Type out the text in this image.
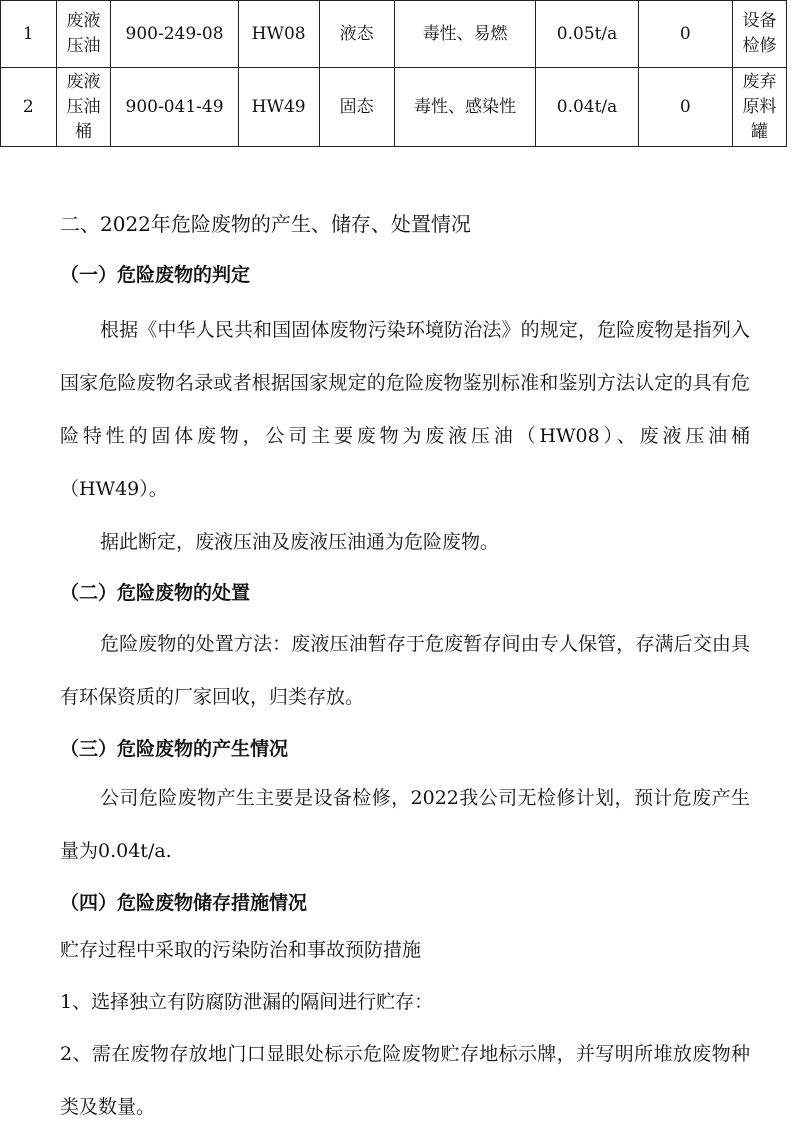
1	废液压油	900-249-08	HW08	液态	毒性、易燃	0.05t/a	0	设备检修
2	废液压油桶	900-041-49	HW49	固态	毒性、感染性	0.04t/a	0	废弃原料罐
二、2022年危险废物的产生、储存、处置情况
（一）危险废物的判定
根据《中华人民共和国固体废物污染环境防治法》的规定，危险废物是指列入国家危险废物名录或者根据国家规定的危险废物鉴别标准和鉴别方法认定的具有危险特性的固体废物，公司主要废物为废液压油（HW08）、废液压油桶（HW49）。
据此断定，废液压油及废液压油通为危险废物。
（二）危险废物的处置
危险废物的处置方法：废液压油暂存于危废暂存间由专人保管，存满后交由具有环保资质的厂家回收，归类存放。
（三）危险废物的产生情况
公司危险废物产生主要是设备检修，2022我公司无检修计划，预计危废产生量为0.04t/a.
（四）危险废物储存措施情况
贮存过程中采取的污染防治和事故预防措施
1、选择独立有防腐防泄漏的隔间进行贮存：
2、需在废物存放地门口显眼处标示危险废物贮存地标示牌，并写明所堆放废物种类及数量。
